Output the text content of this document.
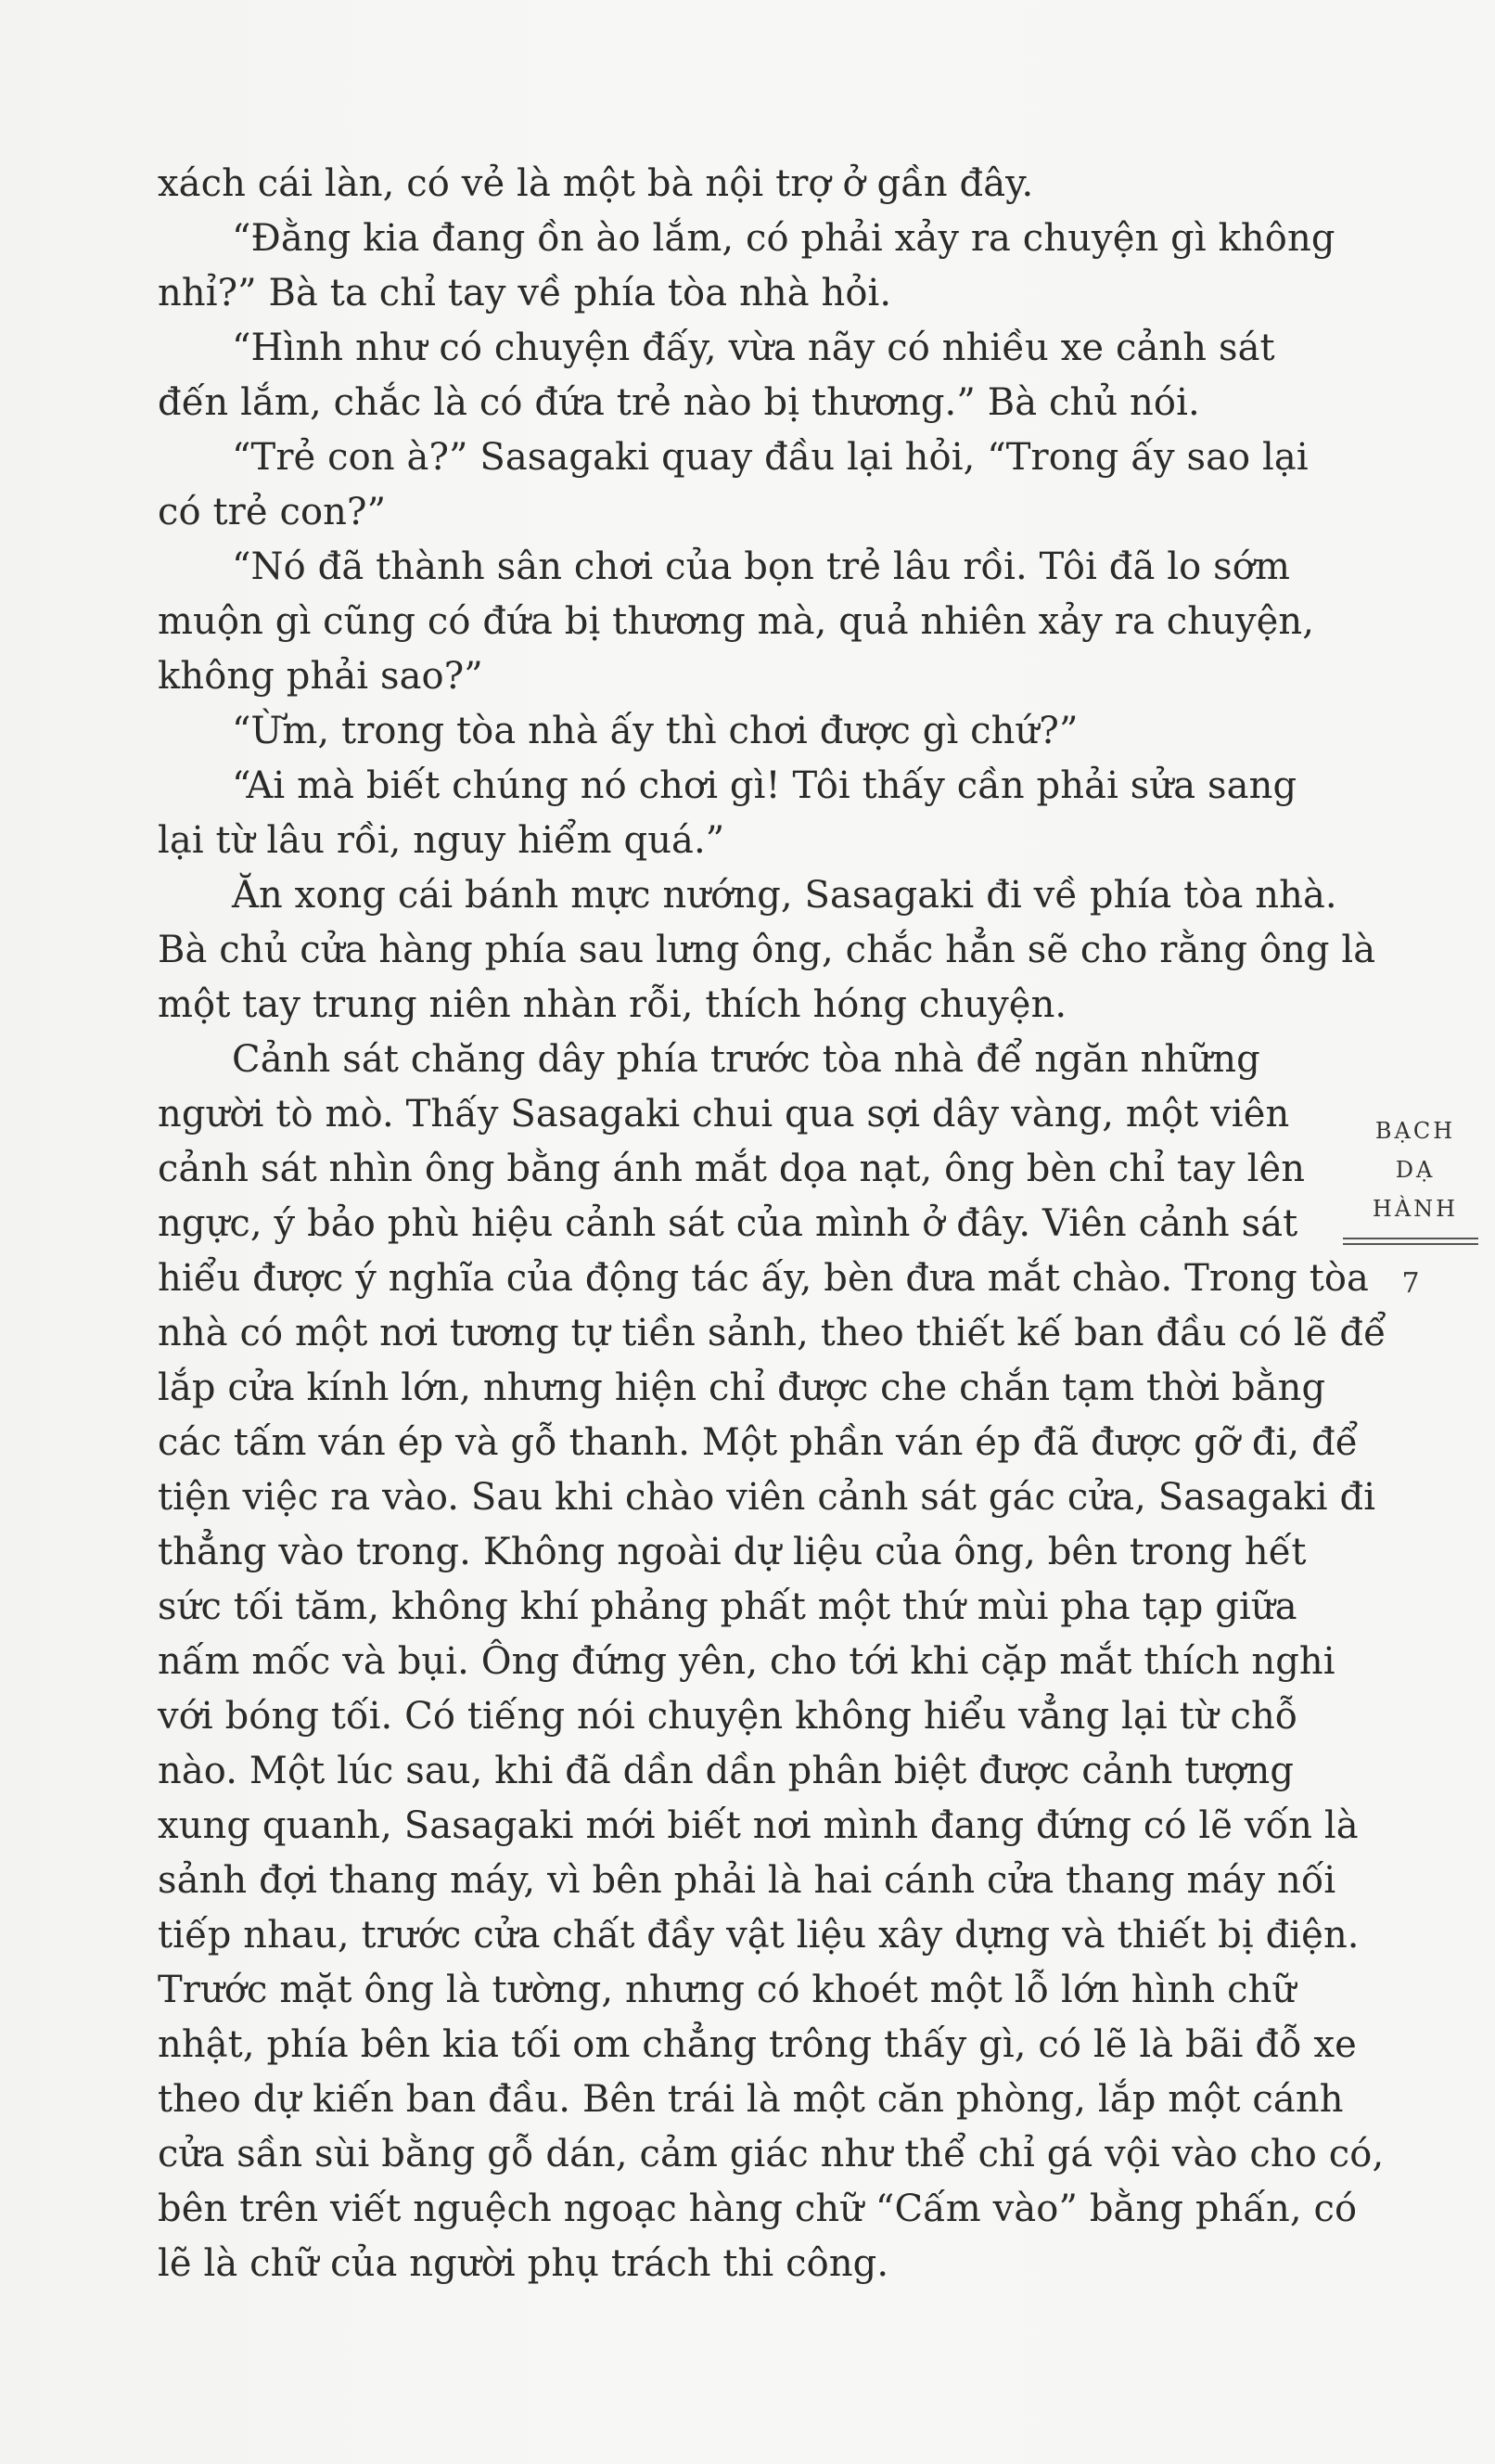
xách cái làn, có vẻ là một bà nội trợ ở gần đây.
“Đằng kia đang ồn ào lắm, có phải xảy ra chuyện gì không
nhỉ?” Bà ta chỉ tay về phía tòa nhà hỏi.
“Hình như có chuyện đấy, vừa nãy có nhiều xe cảnh sát
đến lắm, chắc là có đứa trẻ nào bị thương.” Bà chủ nói.
“Trẻ con à?” Sasagaki quay đầu lại hỏi, “Trong ấy sao lại
có trẻ con?”
“Nó đã thành sân chơi của bọn trẻ lâu rồi. Tôi đã lo sớm
muộn gì cũng có đứa bị thương mà, quả nhiên xảy ra chuyện,
không phải sao?”
“Ừm, trong tòa nhà ấy thì chơi được gì chứ?”
“Ai mà biết chúng nó chơi gì! Tôi thấy cần phải sửa sang
lại từ lâu rồi, nguy hiểm quá.”
Ăn xong cái bánh mực nướng, Sasagaki đi về phía tòa nhà.
Bà chủ cửa hàng phía sau lưng ông, chắc hẳn sẽ cho rằng ông là
một tay trung niên nhàn rỗi, thích hóng chuyện.
Cảnh sát chăng dây phía trước tòa nhà để ngăn những
người tò mò. Thấy Sasagaki chui qua sợi dây vàng, một viên
cảnh sát nhìn ông bằng ánh mắt dọa nạt, ông bèn chỉ tay lên
ngực, ý bảo phù hiệu cảnh sát của mình ở đây. Viên cảnh sát
hiểu được ý nghĩa của động tác ấy, bèn đưa mắt chào. Trong tòa
nhà có một nơi tương tự tiền sảnh, theo thiết kế ban đầu có lẽ để
lắp cửa kính lớn, nhưng hiện chỉ được che chắn tạm thời bằng
các tấm ván ép và gỗ thanh. Một phần ván ép đã được gỡ đi, để
tiện việc ra vào. Sau khi chào viên cảnh sát gác cửa, Sasagaki đi
thẳng vào trong. Không ngoài dự liệu của ông, bên trong hết
sức tối tăm, không khí phảng phất một thứ mùi pha tạp giữa
nấm mốc và bụi. Ông đứng yên, cho tới khi cặp mắt thích nghi
với bóng tối. Có tiếng nói chuyện không hiểu vẳng lại từ chỗ
nào. Một lúc sau, khi đã dần dần phân biệt được cảnh tượng
xung quanh, Sasagaki mới biết nơi mình đang đứng có lẽ vốn là
sảnh đợi thang máy, vì bên phải là hai cánh cửa thang máy nối
tiếp nhau, trước cửa chất đầy vật liệu xây dựng và thiết bị điện.
Trước mặt ông là tường, nhưng có khoét một lỗ lớn hình chữ
nhật, phía bên kia tối om chẳng trông thấy gì, có lẽ là bãi đỗ xe
theo dự kiến ban đầu. Bên trái là một căn phòng, lắp một cánh
cửa sần sùi bằng gỗ dán, cảm giác như thể chỉ gá vội vào cho có,
bên trên viết nguệch ngoạc hàng chữ “Cấm vào” bằng phấn, có
lẽ là chữ của người phụ trách thi công.
BẠCH
DẠ
HÀNH
7
